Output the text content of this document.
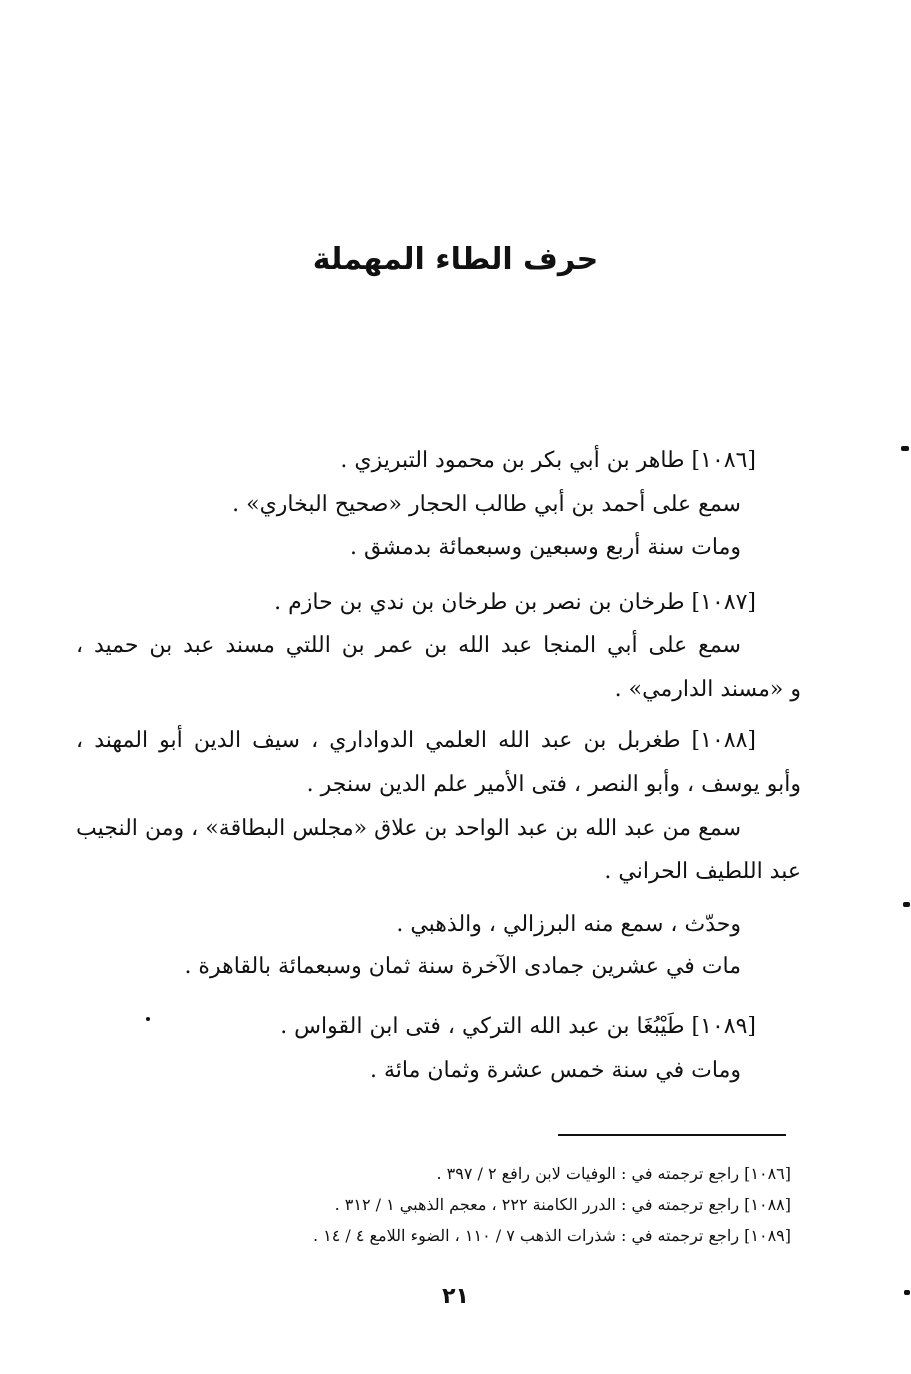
حرف الطاء المهملة
[١٠٨٦] طاهر بن أبي بكر بن محمود التبريزي .
سمع على أحمد بن أبي طالب الحجار «صحيح البخاري» .
ومات سنة أربع وسبعين وسبعمائة بدمشق .
[١٠٨٧] طرخان بن نصر بن طرخان بن ندي بن حازم .
سمع على أبي المنجا عبد الله بن عمر بن اللتي مسند عبد بن حميد ،
و «مسند الدارمي» .
[١٠٨٨] طغربل بن عبد الله العلمي الدواداري ، سيف الدين أبو المهند ،
وأبو يوسف ، وأبو النصر ، فتى الأمير علم الدين سنجر .
سمع من عبد الله بن عبد الواحد بن علاق «مجلس البطاقة» ، ومن النجيب
عبد اللطيف الحراني .
وحدّث ، سمع منه البرزالي ، والذهبي .
مات في عشرين جمادى الآخرة سنة ثمان وسبعمائة بالقاهرة .
[١٠٨٩] طَيْبُغَا بن عبد الله التركي ، فتى ابن القواس .
ومات في سنة خمس عشرة وثمان مائة .
[١٠٨٦] راجع ترجمته في : الوفيات لابن رافع ٢ / ٣٩٧ .
[١٠٨٨] راجع ترجمته في : الدرر الكامنة ٢٢٢ ، معجم الذهبي ١ / ٣١٢ .
[١٠٨٩] راجع ترجمته في : شذرات الذهب ٧ / ١١٠ ، الضوء اللامع ٤ / ١٤ .
٢١
